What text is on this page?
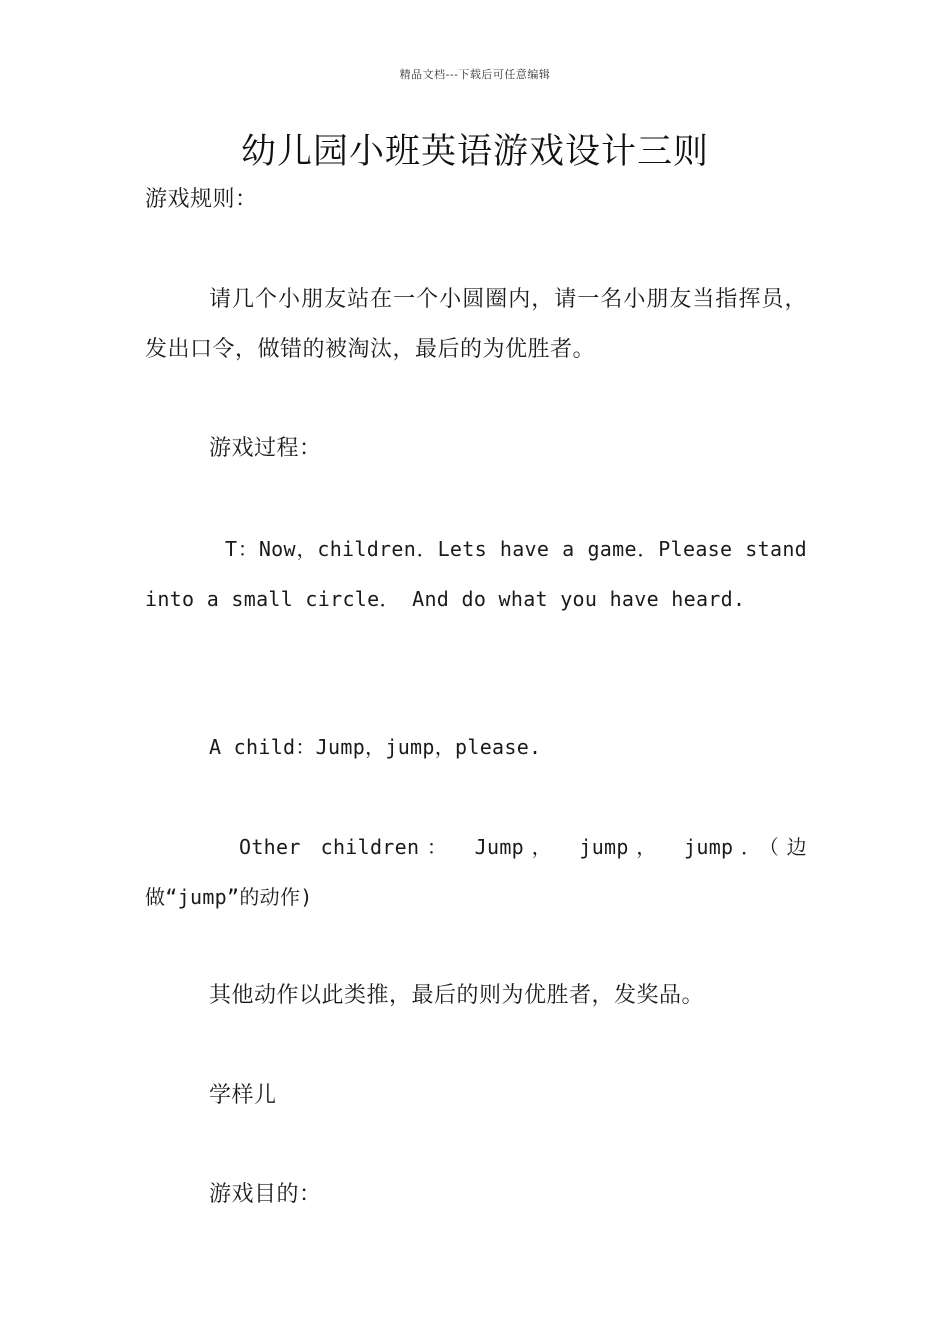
精品文档---下载后可任意编辑
幼儿园小班英语游戏设计三则

游戏规则：

请几个小朋友站在一个小圆圈内，请一名小朋友当指挥员，发出口令，做错的被淘汰，最后的为优胜者。

游戏过程：

T：Now，children．Lets have a game．Please stand into a small circle． And do what you have heard.

A child：Jump，jump，please.

Other children： Jump， jump， jump．（边做“jump”的动作)

其他动作以此类推，最后的则为优胜者，发奖品。

学样儿

游戏目的：
